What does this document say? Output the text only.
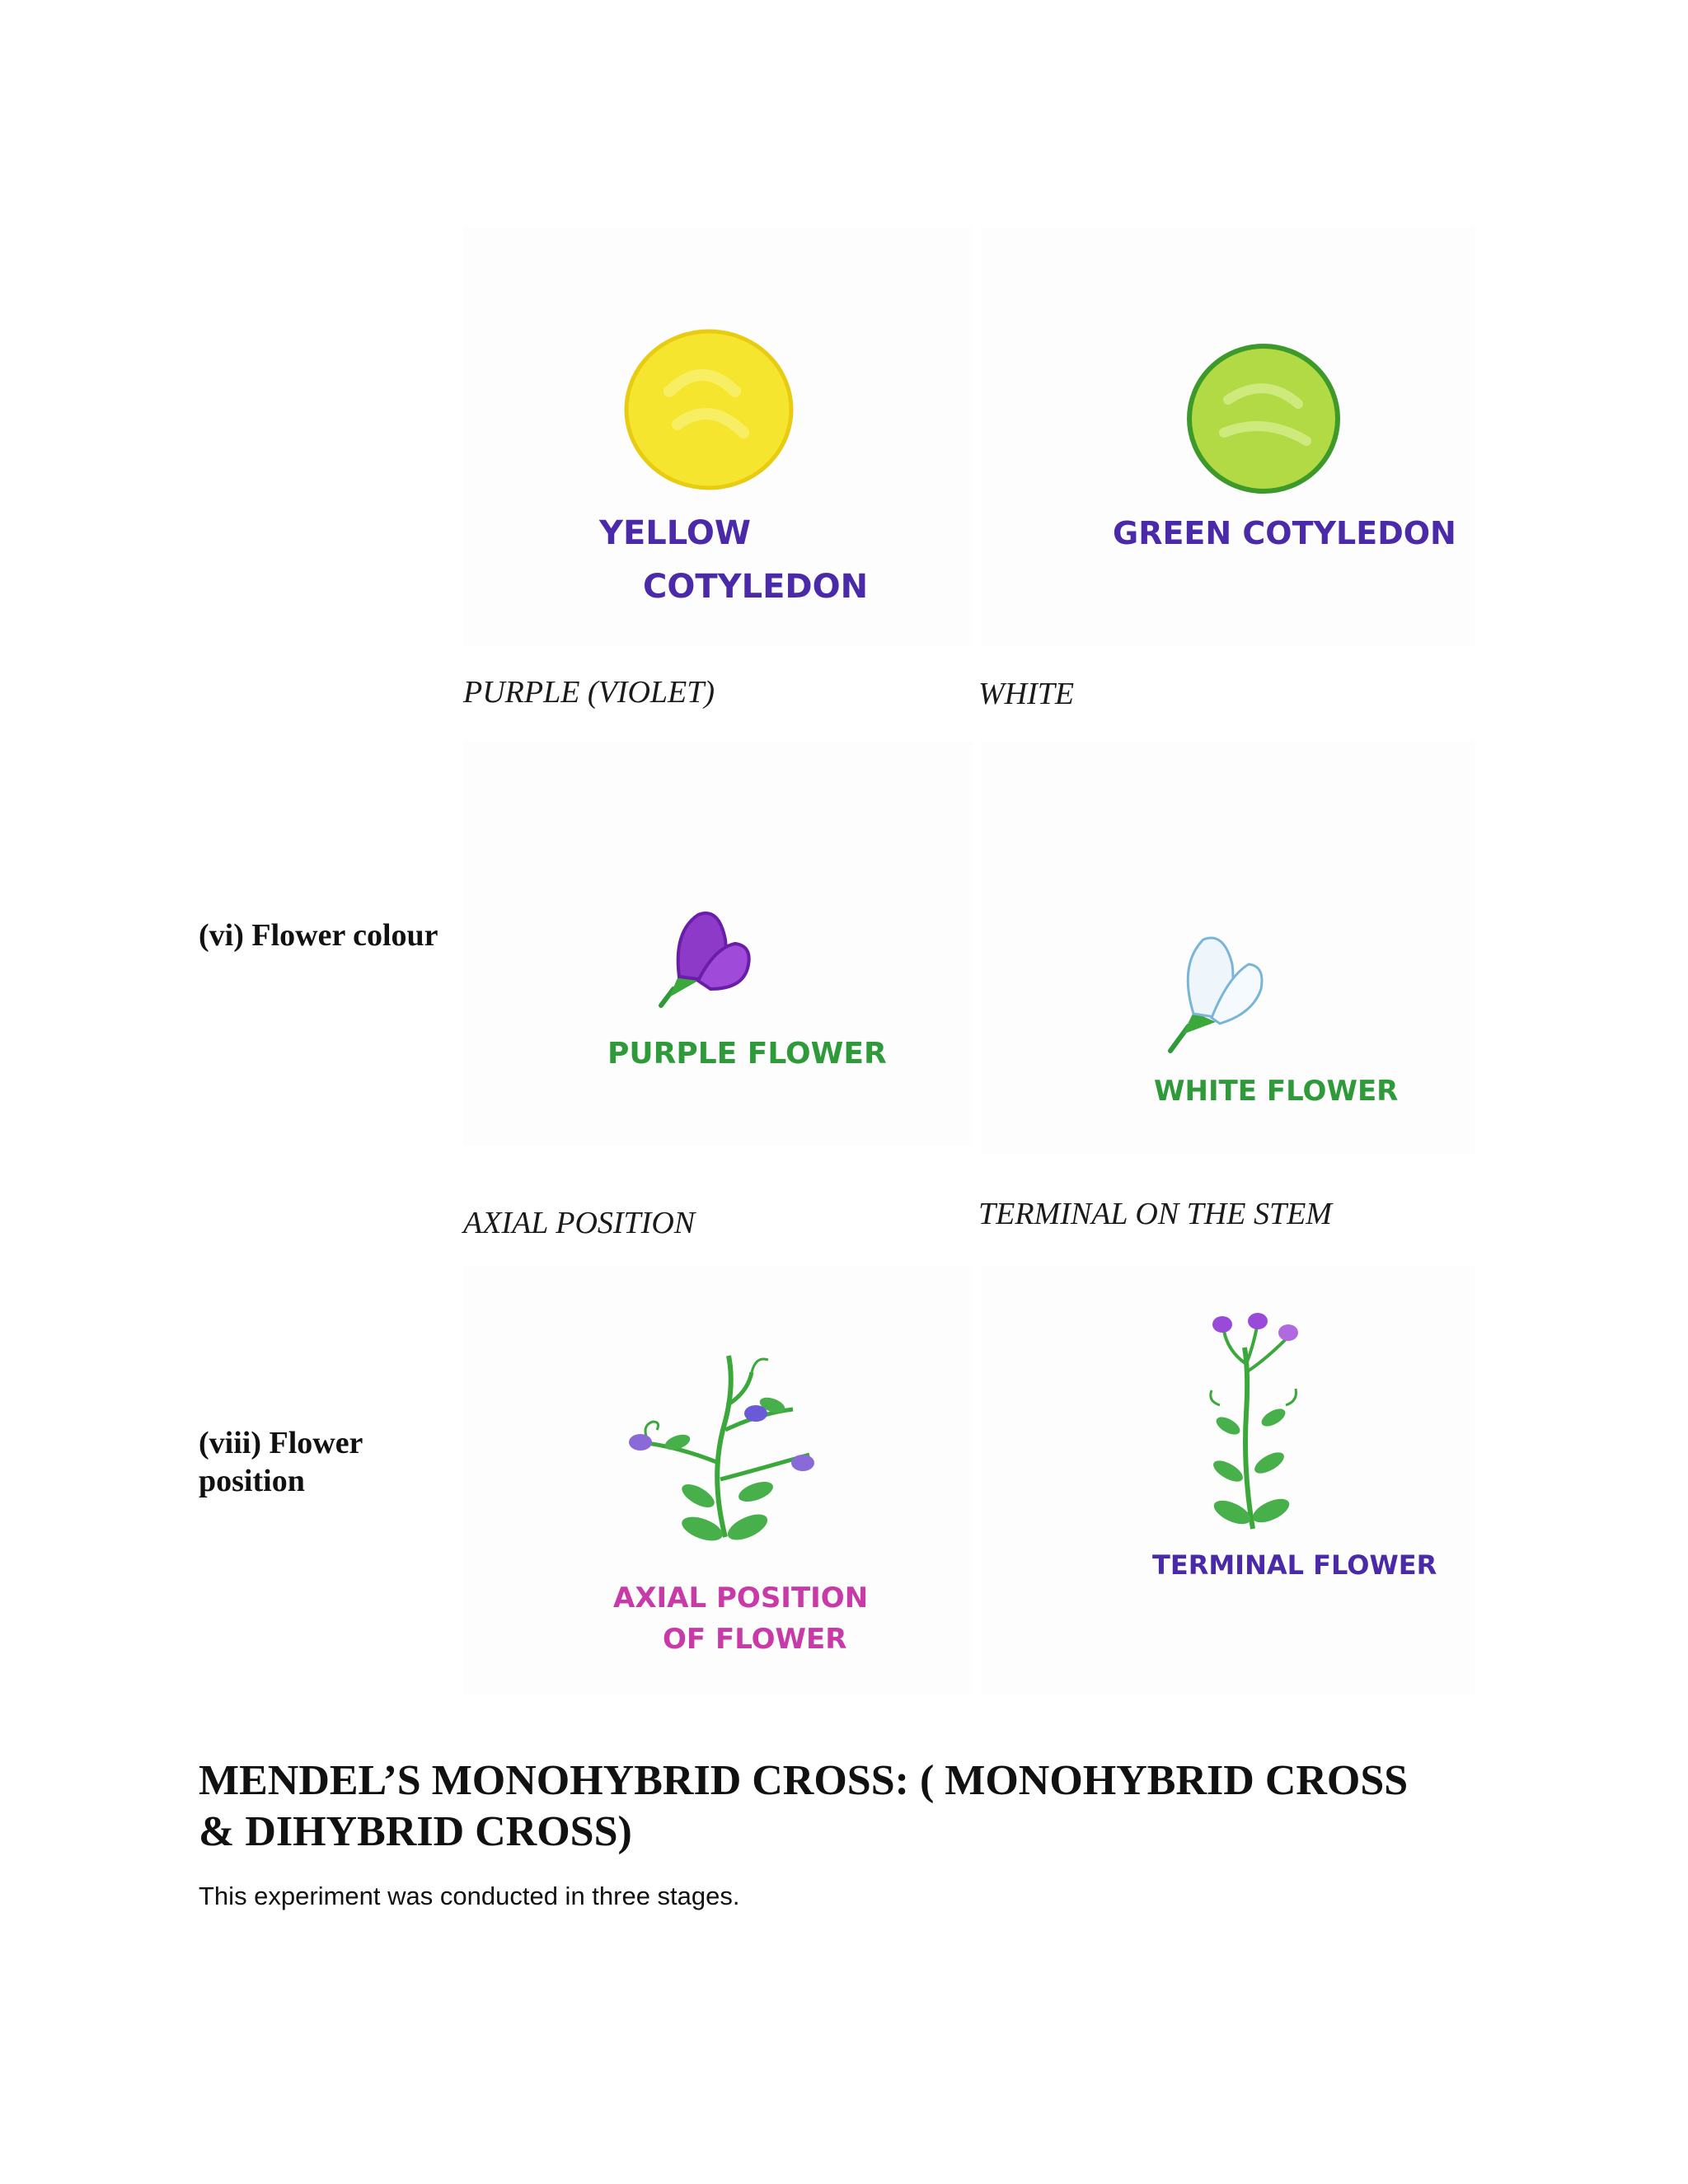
YELLOW
COTYLEDON
GREEN COTYLEDON
PURPLE (VIOLET)	WHITE
(vi) Flower colour
PURPLE FLOWER
WHITE FLOWER
AXIAL POSITION	TERMINAL ON THE STEM
(viii) Flower
position
AXIAL POSITION
OF FLOWER
TERMINAL FLOWER
MENDEL’S MONOHYBRID CROSS: ( MONOHYBRID CROSS
& DIHYBRID CROSS)
This experiment was conducted in three stages.
